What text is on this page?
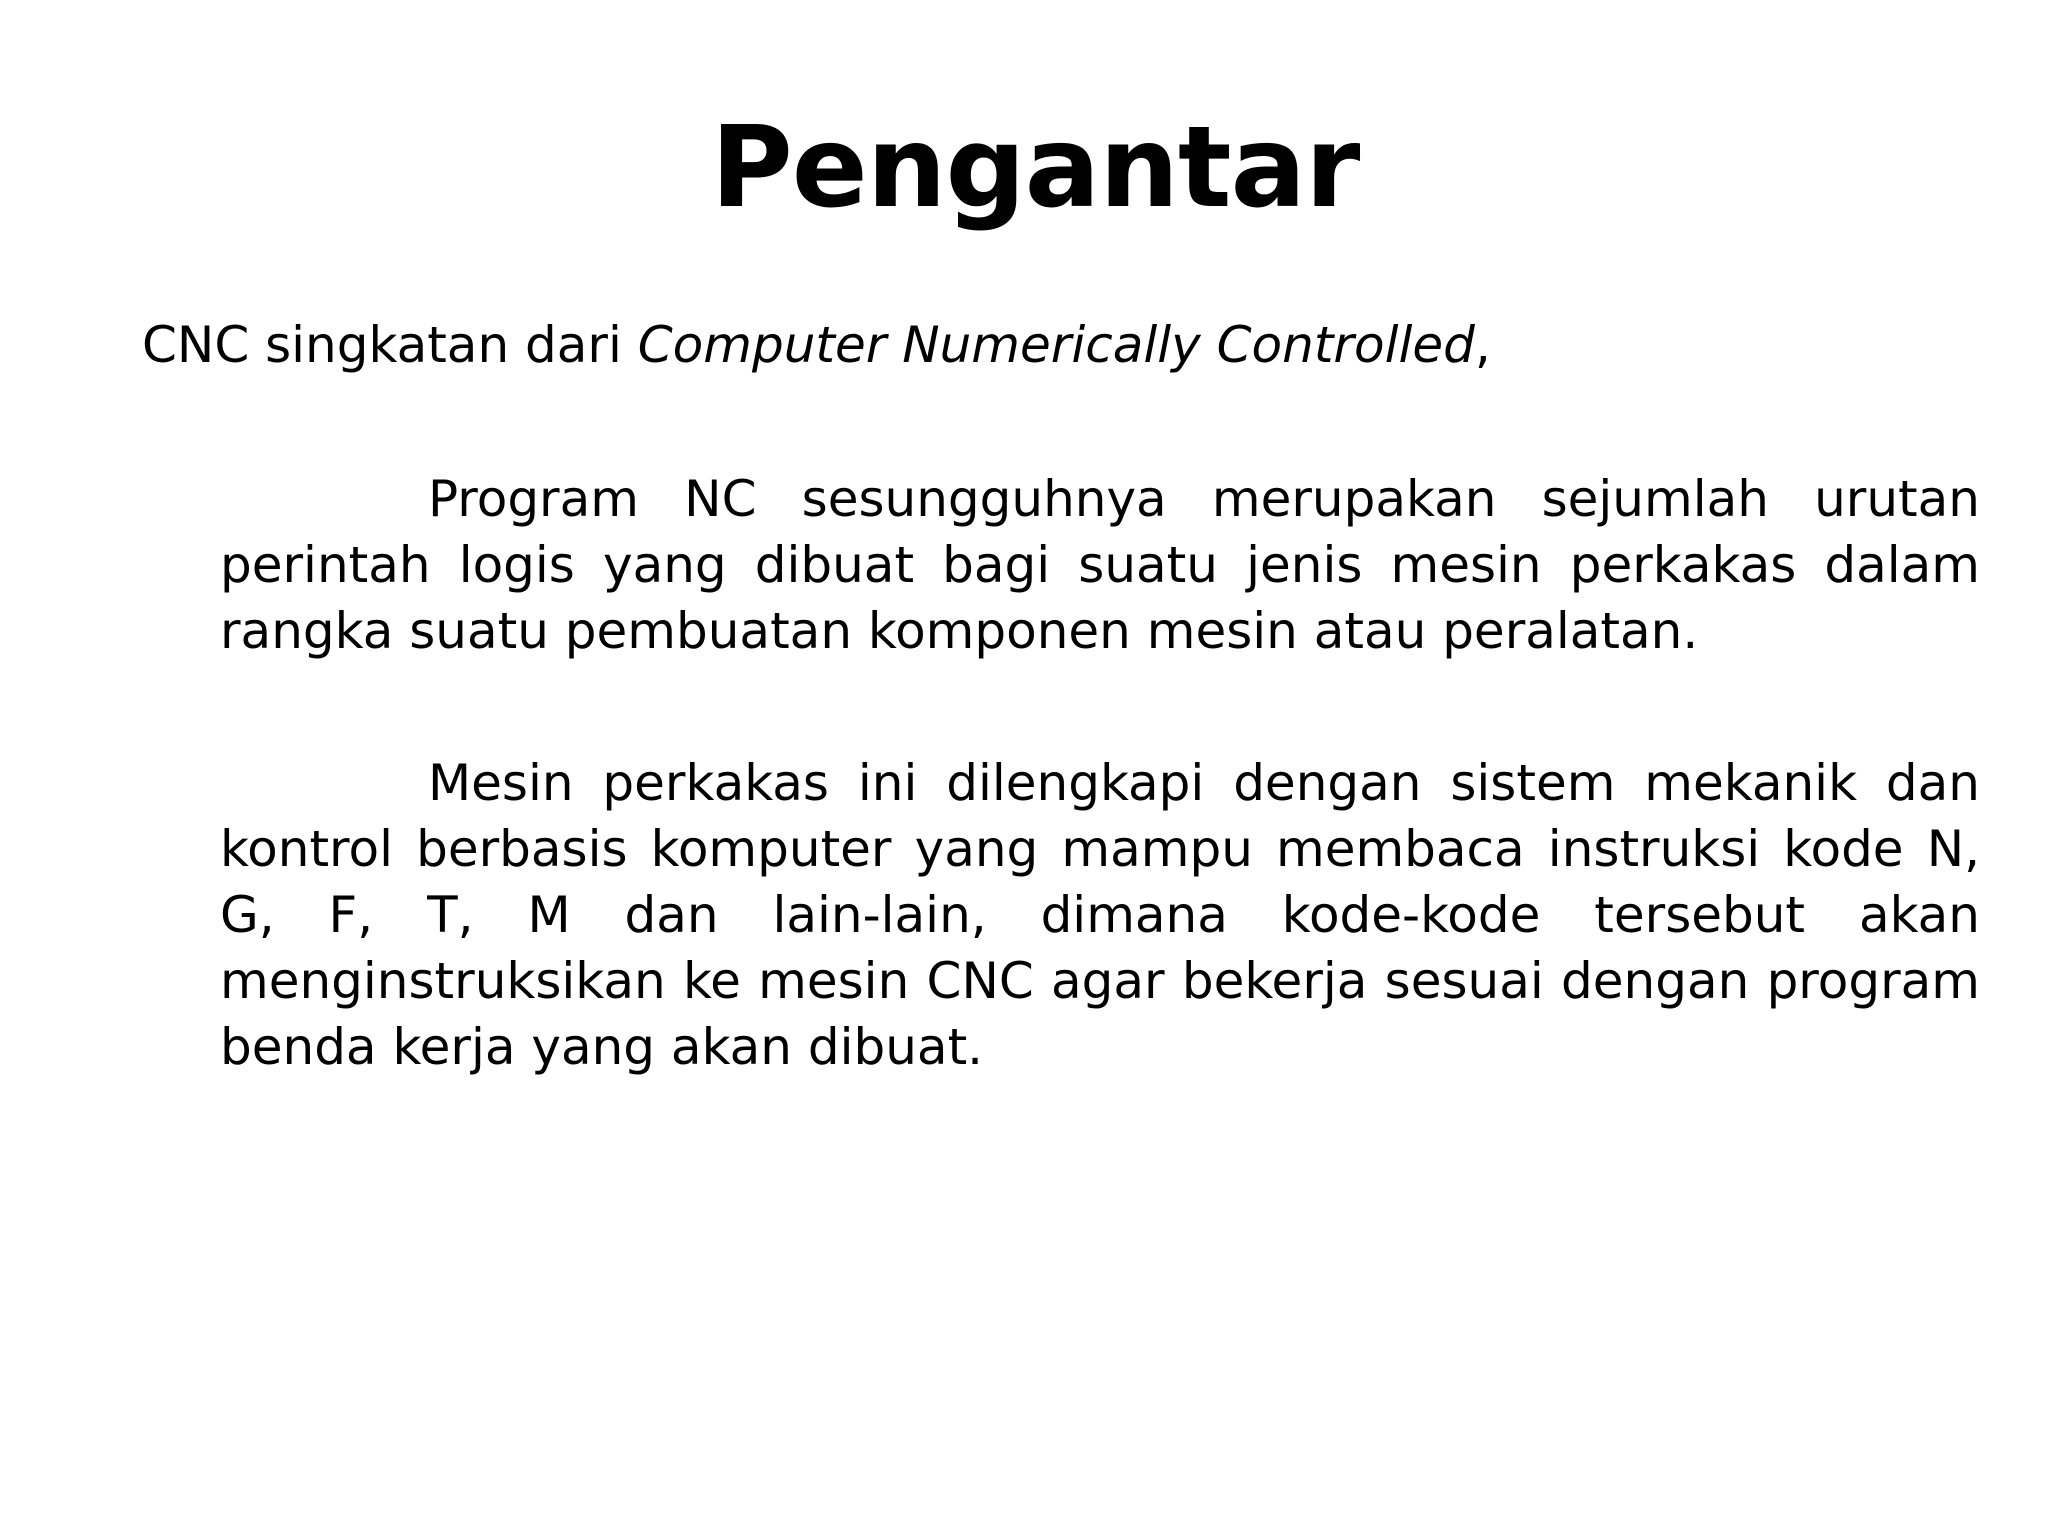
Pengantar

CNC singkatan dari Computer Numerically Controlled,

Program NC sesungguhnya merupakan sejumlah urutan perintah logis yang dibuat bagi suatu jenis mesin perkakas dalam rangka suatu pembuatan komponen mesin atau peralatan.

Mesin perkakas ini dilengkapi dengan sistem mekanik dan kontrol berbasis komputer yang mampu membaca instruksi kode N, G, F, T, M dan lain-lain, dimana kode-kode tersebut akan menginstruksikan ke mesin CNC agar bekerja sesuai dengan program benda kerja yang akan dibuat.
